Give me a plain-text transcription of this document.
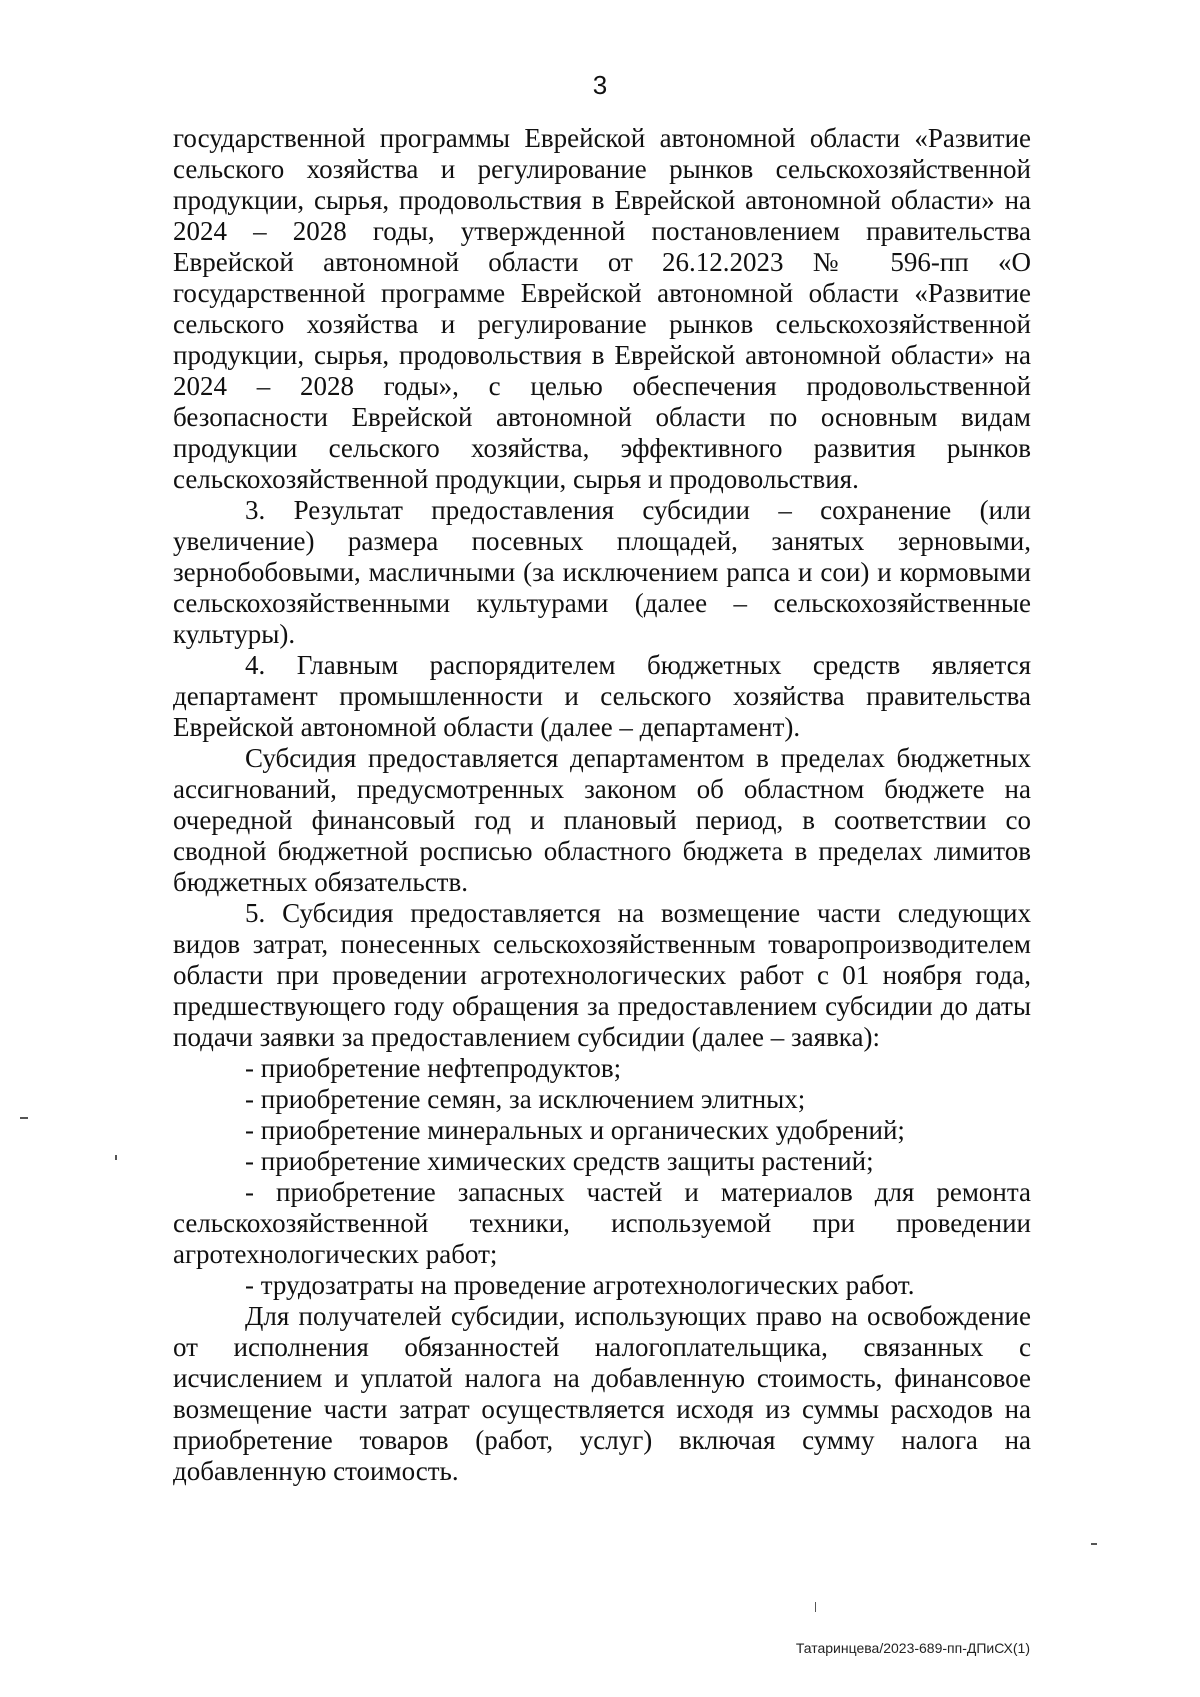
3

государственной программы Еврейской автономной области «Развитие сельского хозяйства и регулирование рынков сельскохозяйственной продукции, сырья, продовольствия в Еврейской автономной области» на 2024 – 2028 годы, утвержденной постановлением правительства Еврейской автономной области от 26.12.2023 № 596-пп «О государственной программе Еврейской автономной области «Развитие сельского хозяйства и регулирование рынков сельскохозяйственной продукции, сырья, продовольствия в Еврейской автономной области» на 2024 – 2028 годы», с целью обеспечения продовольственной безопасности Еврейской автономной области по основным видам продукции сельского хозяйства, эффективного развития рынков сельскохозяйственной продукции, сырья и продовольствия.

3. Результат предоставления субсидии – сохранение (или увеличение) размера посевных площадей, занятых зерновыми, зернобобовыми, масличными (за исключением рапса и сои) и кормовыми сельскохозяйственными культурами (далее – сельскохозяйственные культуры).

4. Главным распорядителем бюджетных средств является департамент промышленности и сельского хозяйства правительства Еврейской автономной области (далее – департамент).

Субсидия предоставляется департаментом в пределах бюджетных ассигнований, предусмотренных законом об областном бюджете на очередной финансовый год и плановый период, в соответствии со сводной бюджетной росписью областного бюджета в пределах лимитов бюджетных обязательств.

5. Субсидия предоставляется на возмещение части следующих видов затрат, понесенных сельскохозяйственным товаропроизводителем области при проведении агротехнологических работ с 01 ноября года, предшествующего году обращения за предоставлением субсидии до даты подачи заявки за предоставлением субсидии (далее – заявка):

- приобретение нефтепродуктов;

- приобретение семян, за исключением элитных;

- приобретение минеральных и органических удобрений;

- приобретение химических средств защиты растений;

- приобретение запасных частей и материалов для ремонта сельскохозяйственной техники, используемой при проведении агротехнологических работ;

- трудозатраты на проведение агротехнологических работ.

Для получателей субсидии, использующих право на освобождение от исполнения обязанностей налогоплательщика, связанных с исчислением и уплатой налога на добавленную стоимость, финансовое возмещение части затрат осуществляется исходя из суммы расходов на приобретение товаров (работ, услуг) включая сумму налога на добавленную стоимость.

Татаринцева/2023-689-пп-ДПиСХ(1)
